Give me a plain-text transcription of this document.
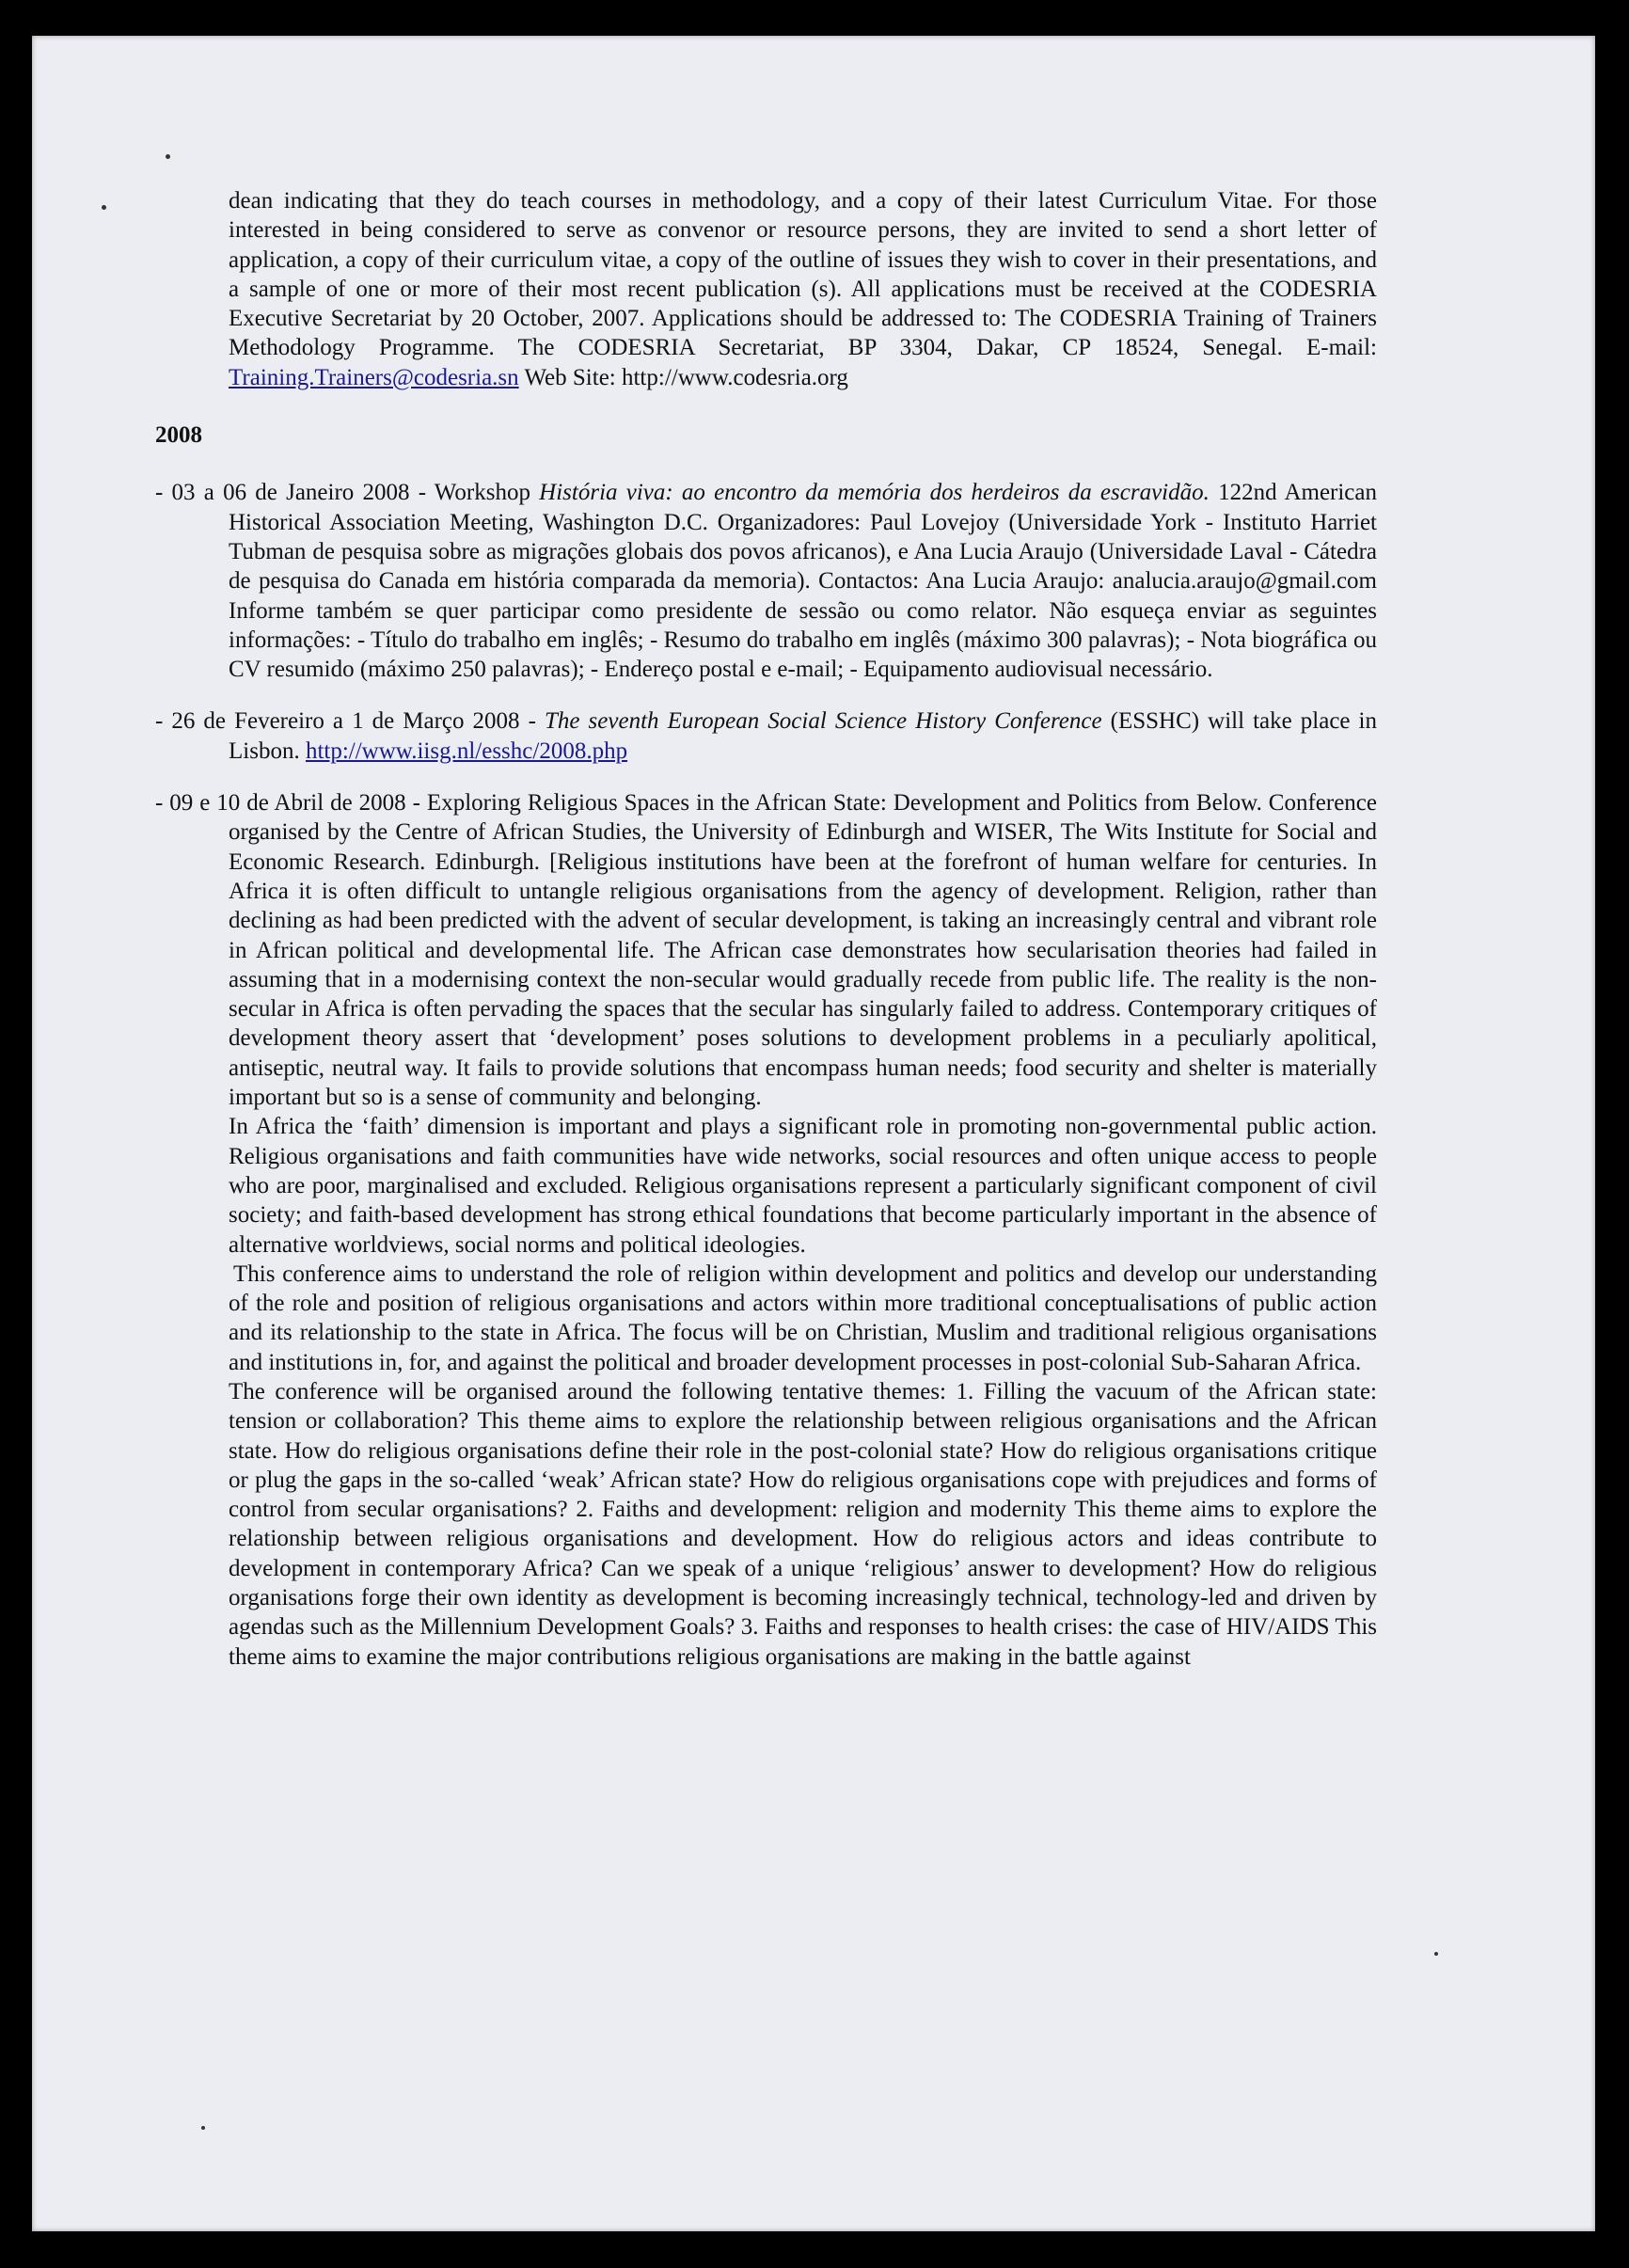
dean indicating that they do teach courses in methodology, and a copy of their latest Curriculum Vitae. For those interested in being considered to serve as convenor or resource persons, they are invited to send a short letter of application, a copy of their curriculum vitae, a copy of the outline of issues they wish to cover in their presentations, and a sample of one or more of their most recent publication (s). All applications must be received at the CODESRIA Executive Secretariat by 20 October, 2007. Applications should be addressed to: The CODESRIA Training of Trainers Methodology Programme. The CODESRIA Secretariat, BP 3304, Dakar, CP 18524, Senegal. E-mail: Training.Trainers@codesria.sn Web Site: http://www.codesria.org

2008

- 03 a 06 de Janeiro 2008 - Workshop História viva: ao encontro da memória dos herdeiros da escravidão. 122nd American Historical Association Meeting, Washington D.C. Organizadores: Paul Lovejoy (Universidade York - Instituto Harriet Tubman de pesquisa sobre as migrações globais dos povos africanos), e Ana Lucia Araujo (Universidade Laval - Cátedra de pesquisa do Canada em história comparada da memoria). Contactos: Ana Lucia Araujo: analucia.araujo@gmail.com Informe também se quer participar como presidente de sessão ou como relator. Não esqueça enviar as seguintes informações: - Título do trabalho em inglês; - Resumo do trabalho em inglês (máximo 300 palavras); - Nota biográfica ou CV resumido (máximo 250 palavras); - Endereço postal e e-mail; - Equipamento audiovisual necessário.

- 26 de Fevereiro a 1 de Março 2008 - The seventh European Social Science History Conference (ESSHC) will take place in Lisbon. http://www.iisg.nl/esshc/2008.php

- 09 e 10 de Abril de 2008 - Exploring Religious Spaces in the African State: Development and Politics from Below. Conference organised by the Centre of African Studies, the University of Edinburgh and WISER, The Wits Institute for Social and Economic Research. Edinburgh. [Religious institutions have been at the forefront of human welfare for centuries. In Africa it is often difficult to untangle religious organisations from the agency of development. Religion, rather than declining as had been predicted with the advent of secular development, is taking an increasingly central and vibrant role in African political and developmental life. The African case demonstrates how secularisation theories had failed in assuming that in a modernising context the non-secular would gradually recede from public life. The reality is the non-secular in Africa is often pervading the spaces that the secular has singularly failed to address. Contemporary critiques of development theory assert that ‘development’ poses solutions to development problems in a peculiarly apolitical, antiseptic, neutral way. It fails to provide solutions that encompass human needs; food security and shelter is materially important but so is a sense of community and belonging.

In Africa the ‘faith’ dimension is important and plays a significant role in promoting non-governmental public action. Religious organisations and faith communities have wide networks, social resources and often unique access to people who are poor, marginalised and excluded. Religious organisations represent a particularly significant component of civil society; and faith-based development has strong ethical foundations that become particularly important in the absence of alternative worldviews, social norms and political ideologies.

This conference aims to understand the role of religion within development and politics and develop our understanding of the role and position of religious organisations and actors within more traditional conceptualisations of public action and its relationship to the state in Africa. The focus will be on Christian, Muslim and traditional religious organisations and institutions in, for, and against the political and broader development processes in post-colonial Sub-Saharan Africa.

The conference will be organised around the following tentative themes: 1. Filling the vacuum of the African state: tension or collaboration? This theme aims to explore the relationship between religious organisations and the African state. How do religious organisations define their role in the post-colonial state? How do religious organisations critique or plug the gaps in the so-called ‘weak’ African state? How do religious organisations cope with prejudices and forms of control from secular organisations? 2. Faiths and development: religion and modernity This theme aims to explore the relationship between religious organisations and development. How do religious actors and ideas contribute to development in contemporary Africa? Can we speak of a unique ‘religious’ answer to development? How do religious organisations forge their own identity as development is becoming increasingly technical, technology-led and driven by agendas such as the Millennium Development Goals? 3. Faiths and responses to health crises: the case of HIV/AIDS This theme aims to examine the major contributions religious organisations are making in the battle against
